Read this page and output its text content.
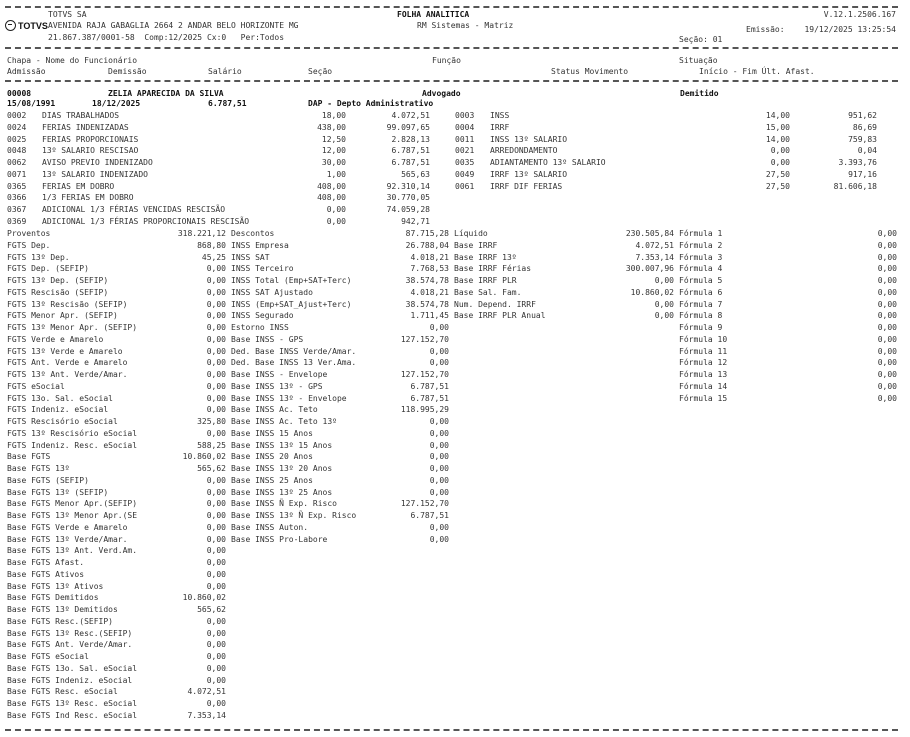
TOTVS SA
TOTVS AVENIDA RAJA GABAGLIA 2664 2 ANDAR BELO HORIZONTE MG
21.867.387/0001-58  Comp:12/2025 Cx:0   Per:Todos
FOLHA ANALITICA
RM Sistemas - Matriz
V.12.1.2506.167
Emissão: 19/12/2025 13:25:54
Seção: 01
Chapa - Nome do Funcionário	Função	Situação
Admissão	Demissão	Salário	Seção	Status Movimento	Início - Fim Últ. Afast.
00008	ZELIA APARECIDA DA SILVA	Advogado	Demitido
15/08/1991	18/12/2025	6.787,51	DAP - Depto Administrativo
0002 DIAS TRABALHADOS	18,00	4.072,51
0024 FERIAS INDENIZADAS	438,00	99.097,65
0025 FERIAS PROPORCIONAIS	12,50	2.828,13
0048 13º SALARIO RESCISAO	12,00	6.787,51
0062 AVISO PREVIO INDENIZADO	30,00	6.787,51
0071 13º SALARIO INDENIZADO	1,00	565,63
0365 FERIAS EM DOBRO	408,00	92.310,14
0366 1/3 FERIAS EM DOBRO	408,00	30.770,05
0367 ADICIONAL 1/3 FÉRIAS VENCIDAS RESCISÃO	0,00	74.059,28
0369 ADICIONAL 1/3 FÉRIAS PROPORCIONAIS RESCISÃO	0,00	942,71
0003 INSS	14,00	951,62
0004 IRRF	15,00	86,69
0011 INSS 13º SALARIO	14,00	759,83
0021 ARREDONDAMENTO	0,00	0,04
0035 ADIANTAMENTO 13º SALARIO	0,00	3.393,76
0049 IRRF 13º SALARIO	27,50	917,16
0061 IRRF DIF FERIAS	27,50	81.606,18
Proventos	318.221,12
FGTS Dep.	868,80
FGTS 13º Dep.	45,25
FGTS Dep. (SEFIP)	0,00
FGTS 13º Dep. (SEFIP)	0,00
FGTS Rescisão (SEFIP)	0,00
FGTS 13º Rescisão (SEFIP)	0,00
FGTS Menor Apr. (SEFIP)	0,00
FGTS 13º Menor Apr. (SEFIP)	0,00
FGTS Verde e Amarelo	0,00
FGTS 13º Verde e Amarelo	0,00
FGTS Ant. Verde e Amarelo	0,00
FGTS 13º Ant. Verde/Amar.	0,00
FGTS eSocial	0,00
FGTS 13o. Sal. eSocial	0,00
FGTS Indeniz. eSocial	0,00
FGTS Rescisório eSocial	325,80
FGTS 13º Rescisório eSocial	0,00
FGTS Indeniz. Resc. eSocial	588,25
Base FGTS	10.860,02
Base FGTS 13º	565,62
Base FGTS (SEFIP)	0,00
Base FGTS 13º (SEFIP)	0,00
Base FGTS Menor Apr.(SEFIP)	0,00
Base FGTS 13º Menor Apr.(SE	0,00
Base FGTS Verde e Amarelo	0,00
Base FGTS 13º Verde/Amar.	0,00
Base FGTS 13º Ant. Verd.Am.	0,00
Base FGTS Afast.	0,00
Base FGTS Ativos	0,00
Base FGTS 13º Ativos	0,00
Base FGTS Demitidos	10.860,02
Base FGTS 13º Demitidos	565,62
Base FGTS Resc.(SEFIP)	0,00
Base FGTS 13º Resc.(SEFIP)	0,00
Base FGTS Ant. Verde/Amar.	0,00
Base FGTS eSocial	0,00
Base FGTS 13o. Sal. eSocial	0,00
Base FGTS Indeniz. eSocial	0,00
Base FGTS Resc. eSocial	4.072,51
Base FGTS 13º Resc. eSocial	0,00
Base FGTS Ind Resc. eSocial	7.353,14
Descontos	87.715,28
INSS Empresa	26.788,04
INSS SAT	4.018,21
INSS Terceiro	7.768,53
INSS Total (Emp+SAT+Terc)	38.574,78
INSS SAT Ajustado	4.018,21
INSS (Emp+SAT_Ajust+Terc)	38.574,78
INSS Segurado	1.711,45
Estorno INSS	0,00
Base INSS - GPS	127.152,70
Ded. Base INSS Verde/Amar.	0,00
Ded. Base INSS 13 Ver.Ama.	0,00
Base INSS - Envelope	127.152,70
Base INSS 13º - GPS	6.787,51
Base INSS 13º - Envelope	6.787,51
Base INSS Ac. Teto	118.995,29
Base INSS Ac. Teto 13º	0,00
Base INSS 15 Anos	0,00
Base INSS 13º 15 Anos	0,00
Base INSS 20 Anos	0,00
Base INSS 13º 20 Anos	0,00
Base INSS 25 Anos	0,00
Base INSS 13º 25 Anos	0,00
Base INSS Ñ Exp. Risco	127.152,70
Base INSS 13º Ñ Exp. Risco	6.787,51
Base INSS Auton.	0,00
Base INSS Pro-Labore	0,00
Líquido	230.505,84
Base IRRF	4.072,51
Base IRRF 13º	7.353,14
Base IRRF Férias	300.007,96
Base IRRF PLR	0,00
Base Sal. Fam.	10.860,02
Num. Depend. IRRF	0,00
Base IRRF PLR Anual	0,00
Fórmula 1	0,00
Fórmula 2	0,00
Fórmula 3	0,00
Fórmula 4	0,00
Fórmula 5	0,00
Fórmula 6	0,00
Fórmula 7	0,00
Fórmula 8	0,00
Fórmula 9	0,00
Fórmula 10	0,00
Fórmula 11	0,00
Fórmula 12	0,00
Fórmula 13	0,00
Fórmula 14	0,00
Fórmula 15	0,00
